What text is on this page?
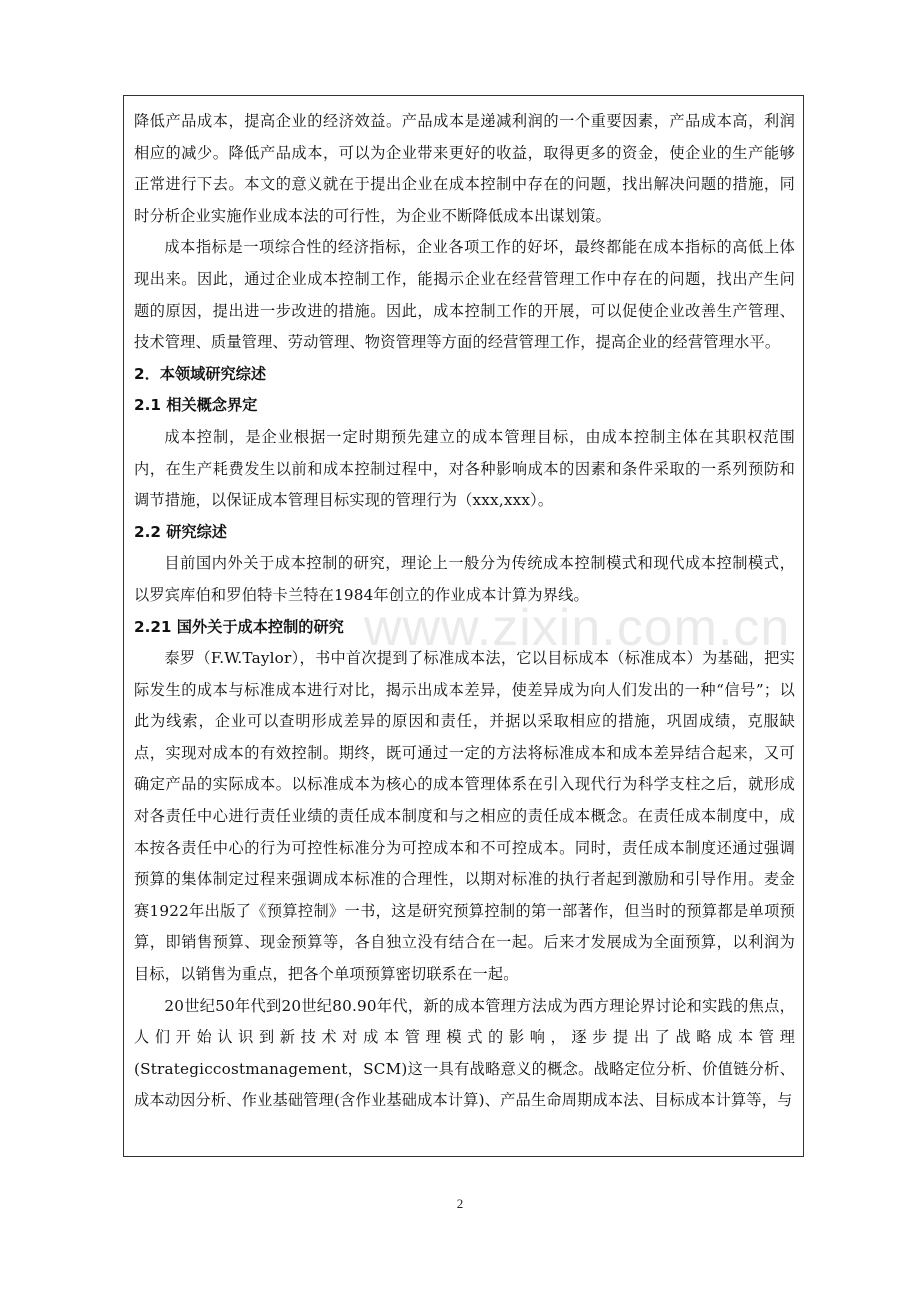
www.zixin.com.cn

降低产品成本，提高企业的经济效益。产品成本是递减利润的一个重要因素，产品成本高，利润相应的减少。降低产品成本，可以为企业带来更好的收益，取得更多的资金，使企业的生产能够正常进行下去。本文的意义就在于提出企业在成本控制中存在的问题，找出解决问题的措施，同时分析企业实施作业成本法的可行性，为企业不断降低成本出谋划策。

成本指标是一项综合性的经济指标，企业各项工作的好坏，最终都能在成本指标的高低上体现出来。因此，通过企业成本控制工作，能揭示企业在经营管理工作中存在的问题，找出产生问题的原因，提出进一步改进的措施。因此，成本控制工作的开展，可以促使企业改善生产管理、技术管理、质量管理、劳动管理、物资管理等方面的经营管理工作，提高企业的经营管理水平。

2．本领域研究综述

2.1 相关概念界定

成本控制，是企业根据一定时期预先建立的成本管理目标，由成本控制主体在其职权范围内，在生产耗费发生以前和成本控制过程中，对各种影响成本的因素和条件采取的一系列预防和调节措施，以保证成本管理目标实现的管理行为（xxx,xxx）。

2.2 研究综述

目前国内外关于成本控制的研究，理论上一般分为传统成本控制模式和现代成本控制模式，以罗宾库伯和罗伯特卡兰特在1984年创立的作业成本计算为界线。

2.21 国外关于成本控制的研究

泰罗（F.W.Taylor），书中首次提到了标准成本法，它以目标成本（标准成本）为基础，把实际发生的成本与标准成本进行对比，揭示出成本差异，使差异成为向人们发出的一种“信号”；以此为线索，企业可以查明形成差异的原因和责任，并据以采取相应的措施，巩固成绩，克服缺点，实现对成本的有效控制。期终，既可通过一定的方法将标准成本和成本差异结合起来，又可确定产品的实际成本。以标准成本为核心的成本管理体系在引入现代行为科学支柱之后，就形成对各责任中心进行责任业绩的责任成本制度和与之相应的责任成本概念。在责任成本制度中，成本按各责任中心的行为可控性标准分为可控成本和不可控成本。同时，责任成本制度还通过强调预算的集体制定过程来强调成本标准的合理性，以期对标准的执行者起到激励和引导作用。麦金赛1922年出版了《预算控制》一书，这是研究预算控制的第一部著作，但当时的预算都是单项预算，即销售预算、现金预算等，各自独立没有结合在一起。后来才发展成为全面预算，以利润为目标，以销售为重点，把各个单项预算密切联系在一起。

20世纪50年代到20世纪80.90年代，新的成本管理方法成为西方理论界讨论和实践的焦点，人们开始认识到新技术对成本管理模式的影响，逐步提出了战略成本管理(Strategiccostmanagement，SCM)这一具有战略意义的概念。战略定位分析、价值链分析、成本动因分析、作业基础管理(含作业基础成本计算)、产品生命周期成本法、目标成本计算等，与

2
